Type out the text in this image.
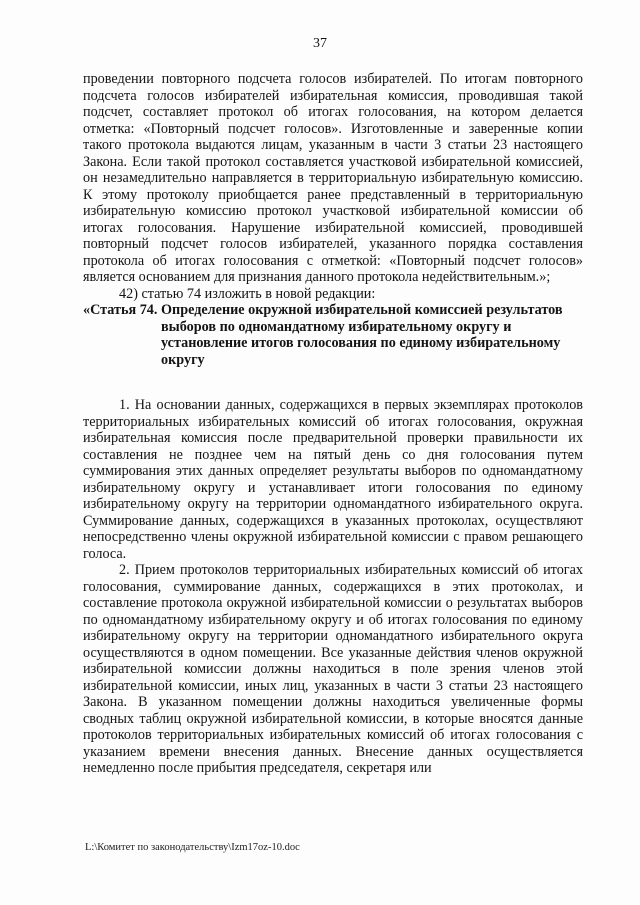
37

проведении повторного подсчета голосов избирателей. По итогам повторного подсчета голосов избирателей избирательная комиссия, проводившая такой подсчет, составляет протокол об итогах голосования, на котором делается отметка: «Повторный подсчет голосов». Изготовленные и заверенные копии такого протокола выдаются лицам, указанным в части 3 статьи 23 настоящего Закона. Если такой протокол составляется участковой избирательной комиссией, он незамедлительно направляется в территориальную избирательную комиссию. К этому протоколу приобщается ранее представленный в территориальную избирательную комиссию протокол участковой избирательной комиссии об итогах голосования. Нарушение избирательной комиссией, проводившей повторный подсчет голосов избирателей, указанного порядка составления протокола об итогах голосования с отметкой: «Повторный подсчет голосов» является основанием для признания данного протокола недействительным.»;

42) статью 74 изложить в новой редакции:

«Статья 74. Определение окружной избирательной комиссией результатов выборов по одномандатному избирательному округу и установление итогов голосования по единому избирательному округу

1. На основании данных, содержащихся в первых экземплярах протоколов территориальных избирательных комиссий об итогах голосования, окружная избирательная комиссия после предварительной проверки правильности их составления не позднее чем на пятый день со дня голосования путем суммирования этих данных определяет результаты выборов по одномандатному избирательному округу и устанавливает итоги голосования по единому избирательному округу на территории одномандатного избирательного округа. Суммирование данных, содержащихся в указанных протоколах, осуществляют непосредственно члены окружной избирательной комиссии с правом решающего голоса.

2. Прием протоколов территориальных избирательных комиссий об итогах голосования, суммирование данных, содержащихся в этих протоколах, и составление протокола окружной избирательной комиссии о результатах выборов по одномандатному избирательному округу и об итогах голосования по единому избирательному округу на территории одномандатного избирательного округа осуществляются в одном помещении. Все указанные действия членов окружной избирательной комиссии должны находиться в поле зрения членов этой избирательной комиссии, иных лиц, указанных в части 3 статьи 23 настоящего Закона. В указанном помещении должны находиться увеличенные формы сводных таблиц окружной избирательной комиссии, в которые вносятся данные протоколов территориальных избирательных комиссий об итогах голосования с указанием времени внесения данных. Внесение данных осуществляется немедленно после прибытия председателя, секретаря или

L:\Комитет по законодательству\Izm17oz-10.doc
